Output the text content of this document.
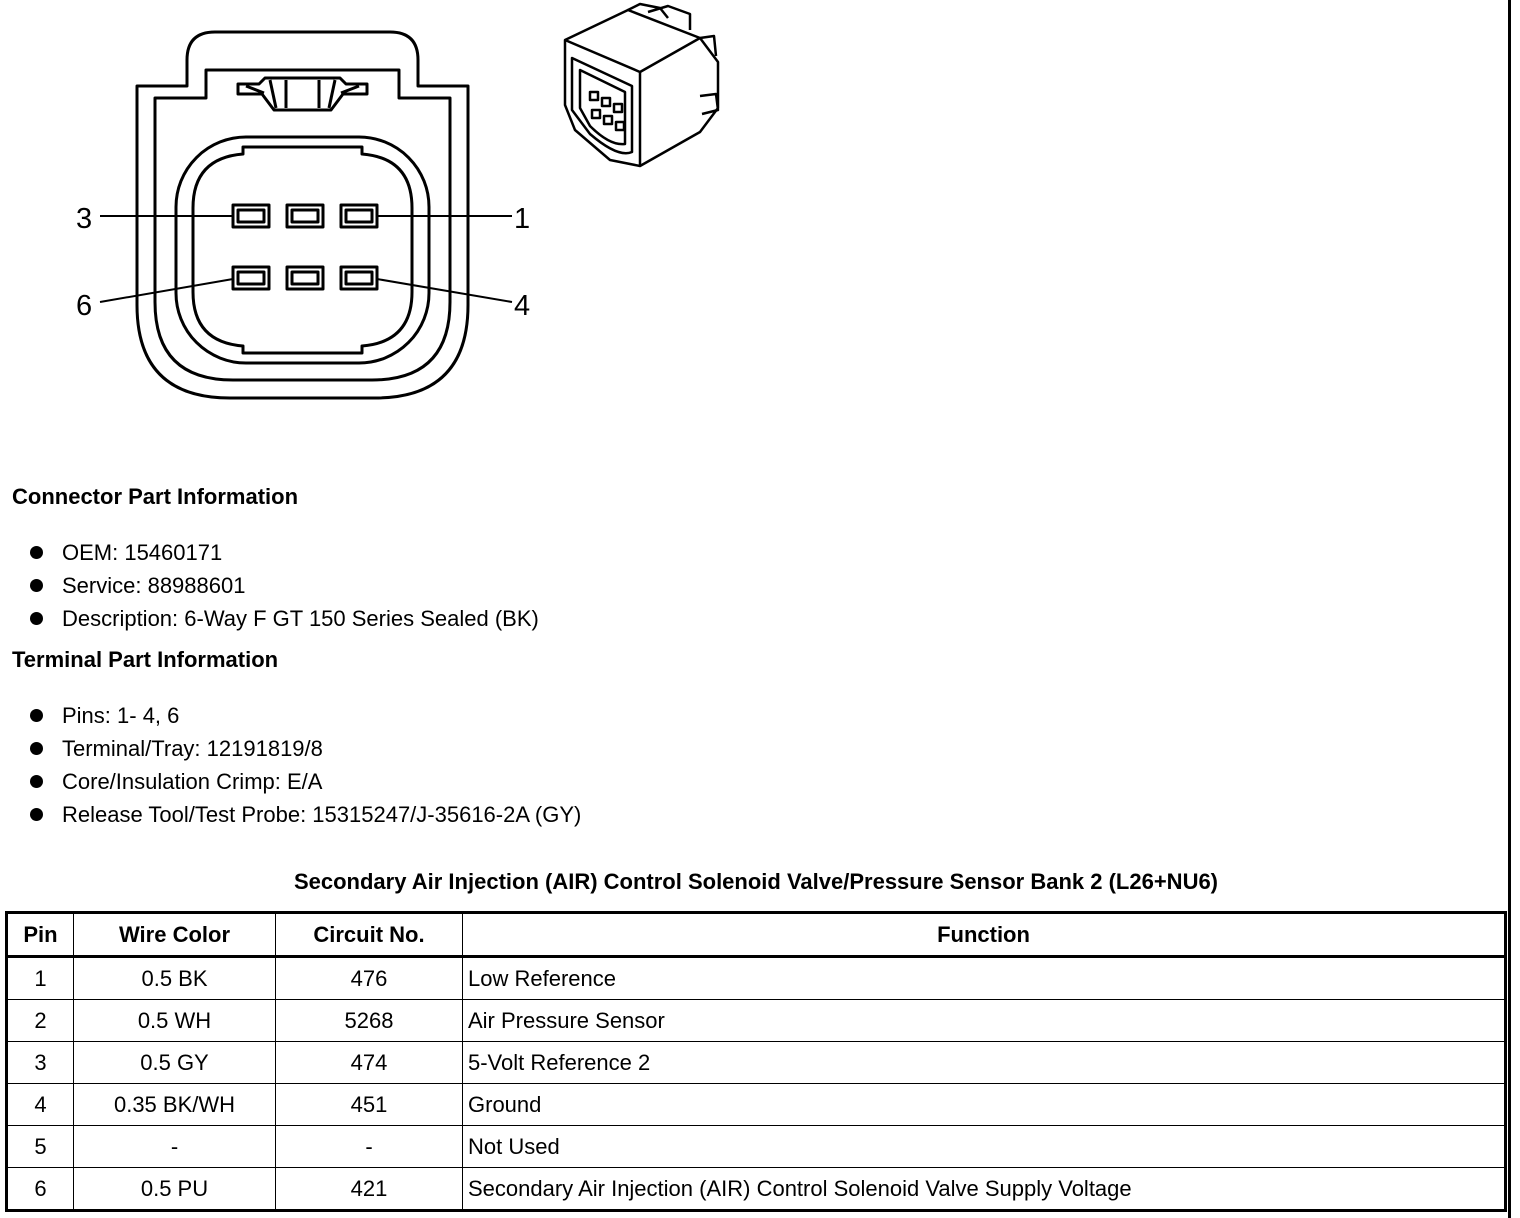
3	1
6	4
Connector Part Information
OEM: 15460171
Service: 88988601
Description: 6-Way F GT 150 Series Sealed (BK)
Terminal Part Information
Pins: 1- 4, 6
Terminal/Tray: 12191819/8
Core/Insulation Crimp: E/A
Release Tool/Test Probe: 15315247/J-35616-2A (GY)
Secondary Air Injection (AIR) Control Solenoid Valve/Pressure Sensor Bank 2 (L26+NU6)
Pin	Wire Color	Circuit No.	Function
1	0.5 BK	476	Low Reference
2	0.5 WH	5268	Air Pressure Sensor
3	0.5 GY	474	5-Volt Reference 2
4	0.35 BK/WH	451	Ground
5	-	-	Not Used
6	0.5 PU	421	Secondary Air Injection (AIR) Control Solenoid Valve Supply Voltage
